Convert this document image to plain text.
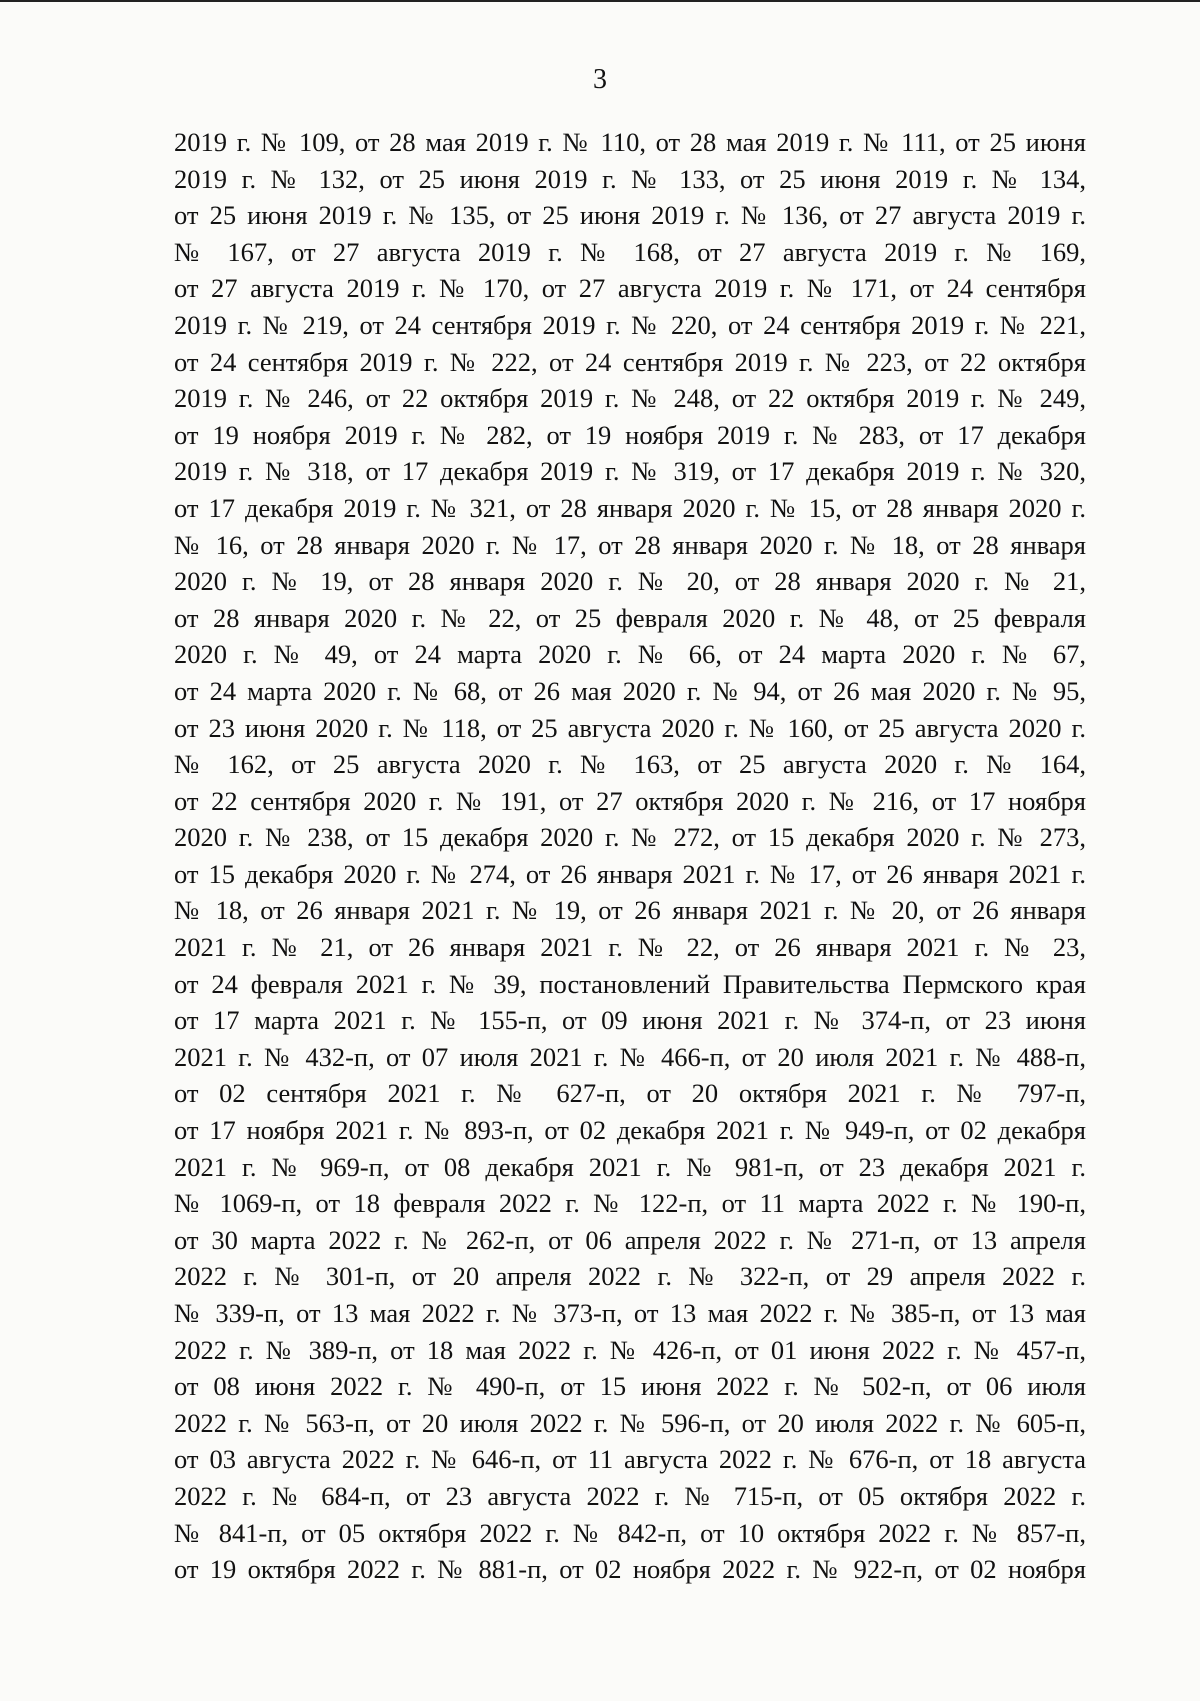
3
2019 г. № 109, от 28 мая 2019 г. № 110, от 28 мая 2019 г. № 111, от 25 июня
2019 г. № 132, от 25 июня 2019 г. № 133, от 25 июня 2019 г. № 134,
от 25 июня 2019 г. № 135, от 25 июня 2019 г. № 136, от 27 августа 2019 г.
№ 167, от 27 августа 2019 г. № 168, от 27 августа 2019 г. № 169,
от 27 августа 2019 г. № 170, от 27 августа 2019 г. № 171, от 24 сентября
2019 г. № 219, от 24 сентября 2019 г. № 220, от 24 сентября 2019 г. № 221,
от 24 сентября 2019 г. № 222, от 24 сентября 2019 г. № 223, от 22 октября
2019 г. № 246, от 22 октября 2019 г. № 248, от 22 октября 2019 г. № 249,
от 19 ноября 2019 г. № 282, от 19 ноября 2019 г. № 283, от 17 декабря
2019 г. № 318, от 17 декабря 2019 г. № 319, от 17 декабря 2019 г. № 320,
от 17 декабря 2019 г. № 321, от 28 января 2020 г. № 15, от 28 января 2020 г.
№ 16, от 28 января 2020 г. № 17, от 28 января 2020 г. № 18, от 28 января
2020 г. № 19, от 28 января 2020 г. № 20, от 28 января 2020 г. № 21,
от 28 января 2020 г. № 22, от 25 февраля 2020 г. № 48, от 25 февраля
2020 г. № 49, от 24 марта 2020 г. № 66, от 24 марта 2020 г. № 67,
от 24 марта 2020 г. № 68, от 26 мая 2020 г. № 94, от 26 мая 2020 г. № 95,
от 23 июня 2020 г. № 118, от 25 августа 2020 г. № 160, от 25 августа 2020 г.
№ 162, от 25 августа 2020 г. № 163, от 25 августа 2020 г. № 164,
от 22 сентября 2020 г. № 191, от 27 октября 2020 г. № 216, от 17 ноября
2020 г. № 238, от 15 декабря 2020 г. № 272, от 15 декабря 2020 г. № 273,
от 15 декабря 2020 г. № 274, от 26 января 2021 г. № 17, от 26 января 2021 г.
№ 18, от 26 января 2021 г. № 19, от 26 января 2021 г. № 20, от 26 января
2021 г. № 21, от 26 января 2021 г. № 22, от 26 января 2021 г. № 23,
от 24 февраля 2021 г. № 39, постановлений Правительства Пермского края
от 17 марта 2021 г. № 155-п, от 09 июня 2021 г. № 374-п, от 23 июня
2021 г. № 432-п, от 07 июля 2021 г. № 466-п, от 20 июля 2021 г. № 488-п,
от 02 сентября 2021 г. № 627-п, от 20 октября 2021 г. № 797-п,
от 17 ноября 2021 г. № 893-п, от 02 декабря 2021 г. № 949-п, от 02 декабря
2021 г. № 969-п, от 08 декабря 2021 г. № 981-п, от 23 декабря 2021 г.
№ 1069-п, от 18 февраля 2022 г. № 122-п, от 11 марта 2022 г. № 190-п,
от 30 марта 2022 г. № 262-п, от 06 апреля 2022 г. № 271-п, от 13 апреля
2022 г. № 301-п, от 20 апреля 2022 г. № 322-п, от 29 апреля 2022 г.
№ 339-п, от 13 мая 2022 г. № 373-п, от 13 мая 2022 г. № 385-п, от 13 мая
2022 г. № 389-п, от 18 мая 2022 г. № 426-п, от 01 июня 2022 г. № 457-п,
от 08 июня 2022 г. № 490-п, от 15 июня 2022 г. № 502-п, от 06 июля
2022 г. № 563-п, от 20 июля 2022 г. № 596-п, от 20 июля 2022 г. № 605-п,
от 03 августа 2022 г. № 646-п, от 11 августа 2022 г. № 676-п, от 18 августа
2022 г. № 684-п, от 23 августа 2022 г. № 715-п, от 05 октября 2022 г.
№ 841-п, от 05 октября 2022 г. № 842-п, от 10 октября 2022 г. № 857-п,
от 19 октября 2022 г. № 881-п, от 02 ноября 2022 г. № 922-п, от 02 ноября
